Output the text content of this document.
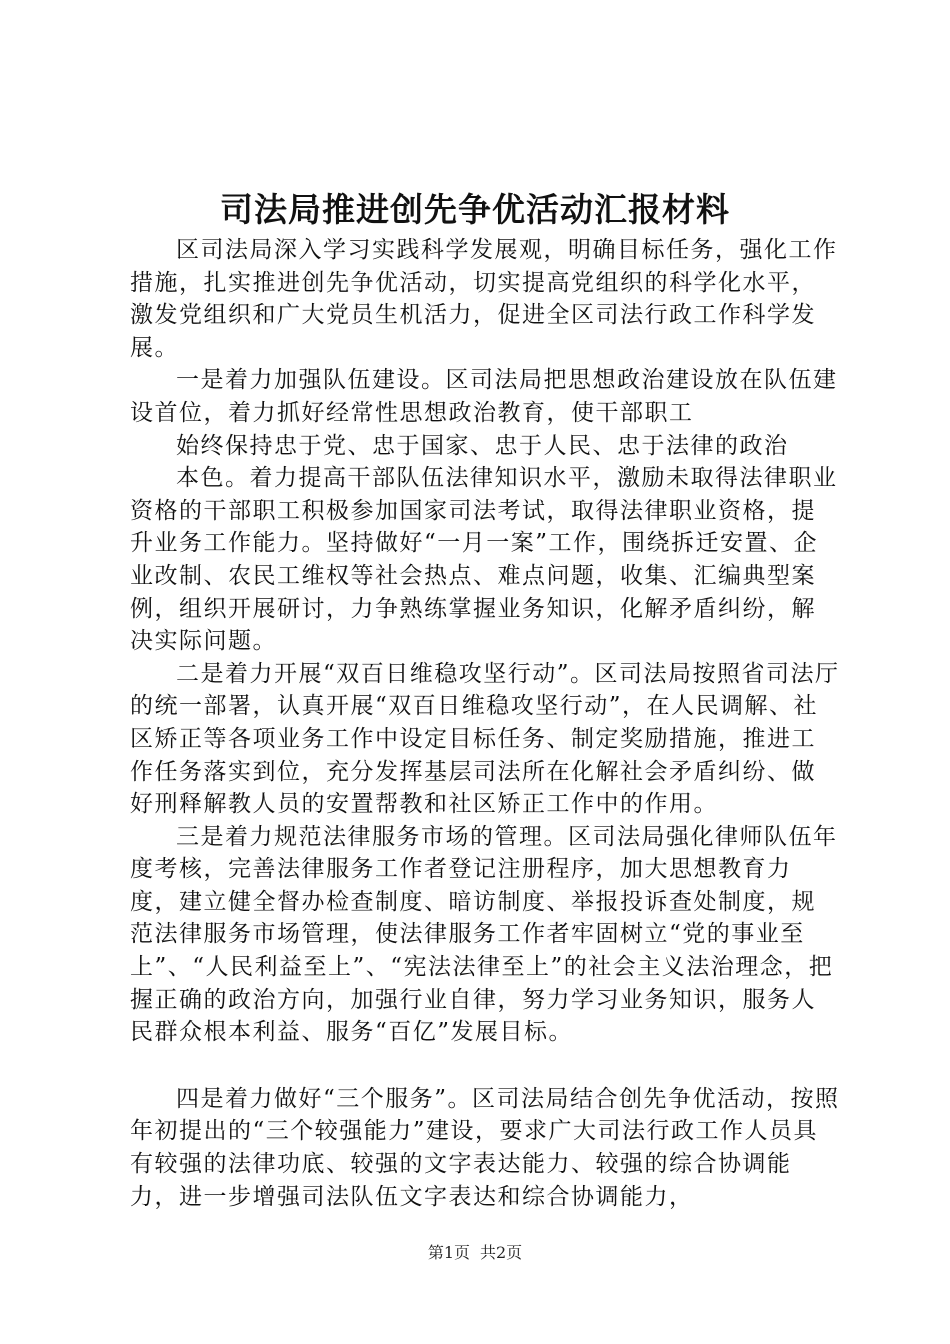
司法局推进创先争优活动汇报材料

区司法局深入学习实践科学发展观，明确目标任务，强化工作措施，扎实推进创先争优活动，切实提高党组织的科学化水平，激发党组织和广大党员生机活力，促进全区司法行政工作科学发展。

一是着力加强队伍建设。区司法局把思想政治建设放在队伍建设首位，着力抓好经常性思想政治教育，使干部职工

始终保持忠于党、忠于国家、忠于人民、忠于法律的政治

本色。着力提高干部队伍法律知识水平，激励未取得法律职业资格的干部职工积极参加国家司法考试，取得法律职业资格，提升业务工作能力。坚持做好“一月一案”工作，围绕拆迁安置、企业改制、农民工维权等社会热点、难点问题，收集、汇编典型案例，组织开展研讨，力争熟练掌握业务知识，化解矛盾纠纷，解决实际问题。

二是着力开展“双百日维稳攻坚行动”。区司法局按照省司法厅的统一部署，认真开展“双百日维稳攻坚行动”，在人民调解、社区矫正等各项业务工作中设定目标任务、制定奖励措施，推进工作任务落实到位，充分发挥基层司法所在化解社会矛盾纠纷、做好刑释解教人员的安置帮教和社区矫正工作中的作用。

三是着力规范法律服务市场的管理。区司法局强化律师队伍年度考核，完善法律服务工作者登记注册程序，加大思想教育力度，建立健全督办检查制度、暗访制度、举报投诉查处制度，规范法律服务市场管理，使法律服务工作者牢固树立“党的事业至上”、“人民利益至上”、“宪法法律至上”的社会主义法治理念，把握正确的政治方向，加强行业自律，努力学习业务知识，服务人民群众根本利益、服务“百亿”发展目标。

四是着力做好“三个服务”。区司法局结合创先争优活动，按照年初提出的“三个较强能力”建设，要求广大司法行政工作人员具有较强的法律功底、较强的文字表达能力、较强的综合协调能力，进一步增强司法队伍文字表达和综合协调能力，

第1页 共2页
